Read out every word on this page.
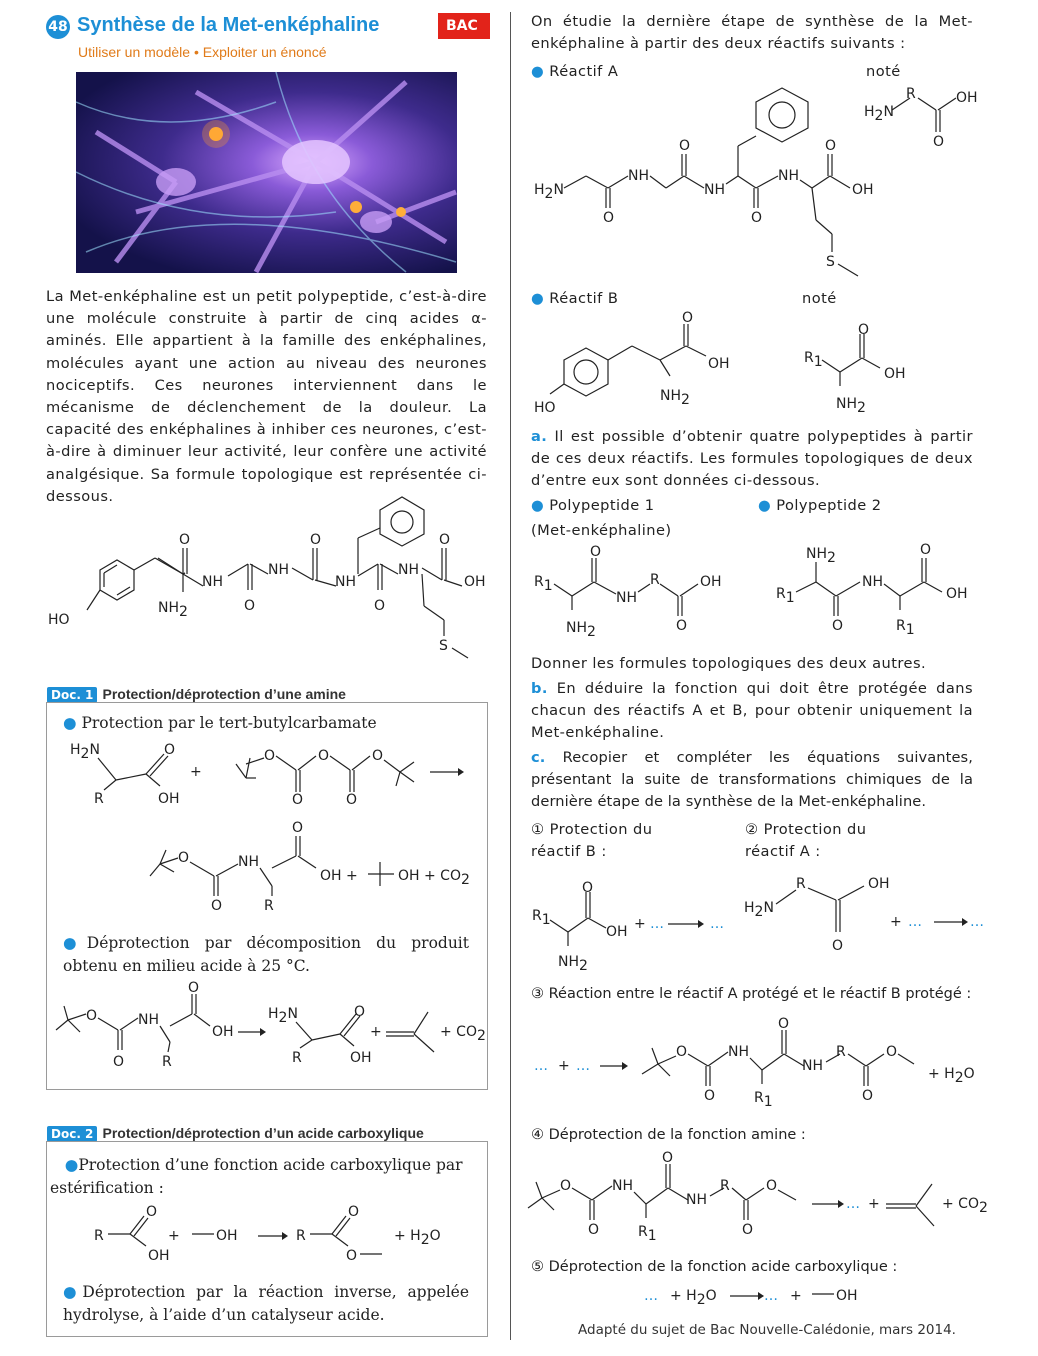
48 Synthèse de la Met-enképhaline	BAC
Utiliser un modèle • Exploiter un énoncé
La Met-enképhaline est un petit polypeptide, c’est-à-dire une molécule construite à partir de cinq acides α-aminés. Elle appartient à la famille des enképhalines, molécules ayant une action au niveau des neurones nociceptifs. Ces neurones interviennent dans le mécanisme de déclenchement de la douleur. La capacité des enképhalines à inhiber ces neurones, c’est-à-dire à diminuer leur activité, leur confère une activité analgésique. Sa formule topologique est représentée ci-dessous.
HO
NH2
O
NH
O
NH
O
NH
O
NH
O
OH
S
Doc. 1 Protection/déprotection d’une amine
● Protection par le tert-butylcarbamate
H2N
R
O
OH
+
O
O
O
O
O
O
O
NH
R
O
OH +	OH + CO2
●Déprotection par décomposition du produit obtenu en milieu acide à 25 °C.
O
O
NH
R
O
OH
H2N
R
O
OH
+	+ CO2
Doc. 2 Protection/déprotection d’un acide carboxylique
●Protection d’une fonction acide carboxylique par estérification :
R
O
OH
+	OH	R
O
O
+ H2O
●Déprotection par la réaction inverse, appelée hydrolyse, à l’aide d’un catalyseur acide.
On étudie la dernière étape de synthèse de la Met-enképhaline à partir des deux réactifs suivants :
● Réactif A	noté
H2N
R
O
OH
H2N
O
NH
O
NH
O
NH
O
OH
S
● Réactif B	noté
HO
NH2
O
OH	R1
NH2
O
OH
a. Il est possible d’obtenir quatre polypeptides à partir de ces deux réactifs. Les formules topologiques de deux d’entre eux sont données ci-dessous.
● Polypeptide 1
(Met-enképhaline)
● Polypeptide 2
R1
NH2
O
NH
R
O
OH
NH2
R1
O
NH
R1
O
OH
Donner les formules topologiques des deux autres.
b. En déduire la fonction qui doit être protégée dans chacun des réactifs A et B, pour obtenir uniquement la Met-enképhaline.
c. Recopier et compléter les équations suivantes, présentant la suite de transformations chimiques de la dernière étape de la synthèse de la Met-enképhaline.
① Protection du réactif B :
② Protection du réactif A :
R1
NH2
O
OH + …	…
H2N
R
O
OH
+ …	…
③ Réaction entre le réactif A protégé et le réactif B protégé :
… + …
O
O
NH
R1
O
NH
R
O
O
+ H2O
④ Déprotection de la fonction amine :
O
O
NH
R1
O
NH
R
O
O
… +	+ CO2
⑤ Déprotection de la fonction acide carboxylique :
… + H2O	… + OH
Adapté du sujet de Bac Nouvelle-Calédonie, mars 2014.
